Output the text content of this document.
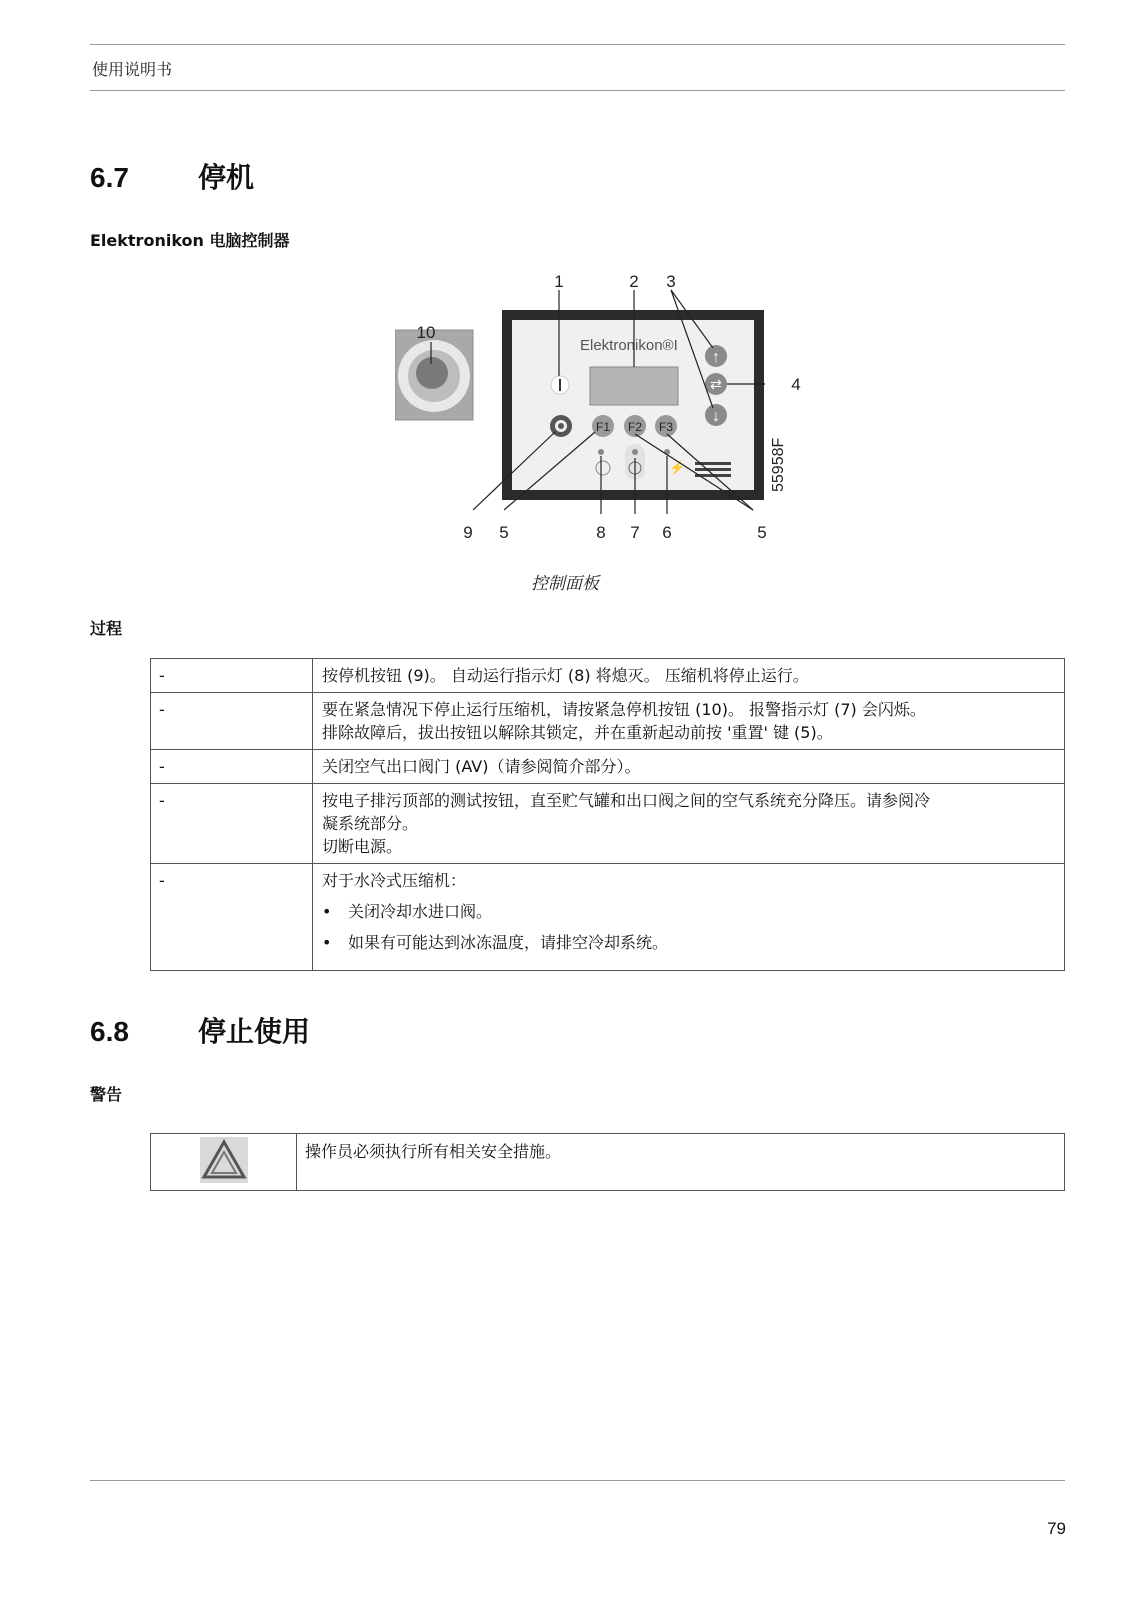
使用说明书
6.7 停机
Elektronikon 电脑控制器
Elektronikon®I
↑
⇄
↓
F1 F2 F3
⚡	55958F
1	2 3
4
10
9 5	8 7 6	5
控制面板
过程
-	按停机按钮 (9)。 自动运行指示灯 (8) 将熄灭。 压缩机将停止运行。

-	要在紧急情况下停止运行压缩机，请按紧急停机按钮 (10)。 报警指示灯 (7) 会闪烁。
排除故障后，拔出按钮以解除其锁定，并在重新起动前按 '重置' 键 (5)。

-	关闭空气出口阀门 (AV)（请参阅简介部分）。

-	按电子排污顶部的测试按钮，直至贮气罐和出口阀之间的空气系统充分降压。请参阅冷
凝系统部分。
切断电源。

-	对于水冷式压缩机：
• 关闭冷却水进口阀。
• 如果有可能达到冰冻温度，请排空冷却系统。
6.8 停止使用
警告
	操作员必须执行所有相关安全措施。
79
